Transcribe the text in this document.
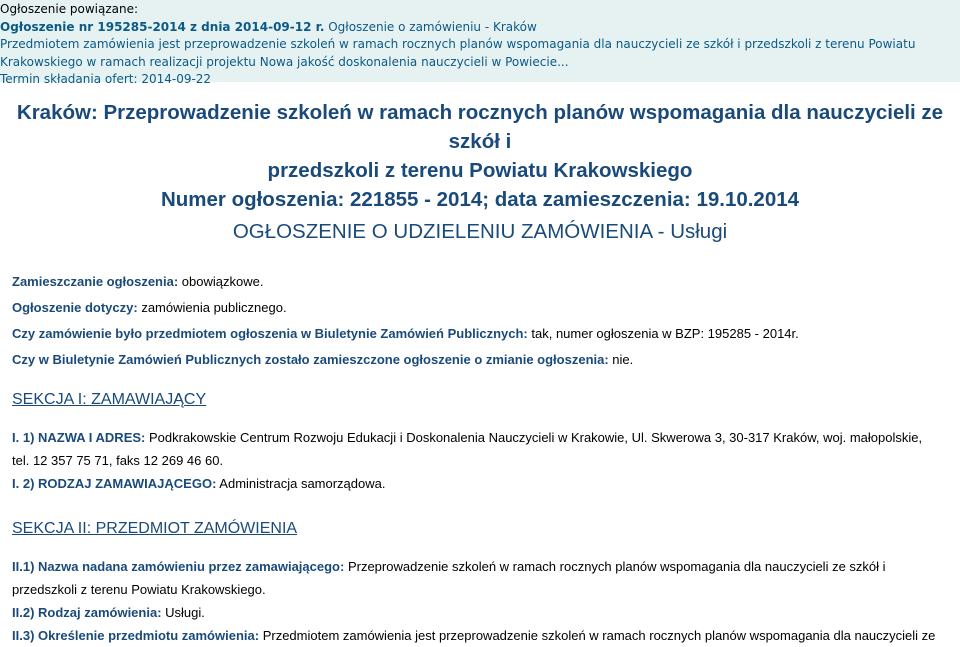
Ogłoszenie powiązane:
Ogłoszenie nr 195285-2014 z dnia 2014-09-12 r. Ogłoszenie o zamówieniu - Kraków
Przedmiotem zamówienia jest przeprowadzenie szkoleń w ramach rocznych planów wspomagania dla nauczycieli ze szkół i przedszkoli z terenu Powiatu Krakowskiego w ramach realizacji projektu Nowa jakość doskonalenia nauczycieli w Powiecie...
Termin składania ofert: 2014-09-22
Kraków: Przeprowadzenie szkoleń w ramach rocznych planów wspomagania dla nauczycieli ze szkół i
przedszkoli z terenu Powiatu Krakowskiego
Numer ogłoszenia: 221855 - 2014; data zamieszczenia: 19.10.2014
OGŁOSZENIE O UDZIELENIU ZAMÓWIENIA - Usługi

Zamieszczanie ogłoszenia: obowiązkowe.

Ogłoszenie dotyczy: zamówienia publicznego.

Czy zamówienie było przedmiotem ogłoszenia w Biuletynie Zamówień Publicznych: tak, numer ogłoszenia w BZP: 195285 - 2014r.

Czy w Biuletynie Zamówień Publicznych zostało zamieszczone ogłoszenie o zmianie ogłoszenia: nie.

SEKCJA I: ZAMAWIAJĄCY

I. 1) NAZWA I ADRES: Podkrakowskie Centrum Rozwoju Edukacji i Doskonalenia Nauczycieli w Krakowie, Ul. Skwerowa 3, 30-317 Kraków, woj. małopolskie,

tel. 12 357 75 71, faks 12 269 46 60.

I. 2) RODZAJ ZAMAWIAJĄCEGO: Administracja samorządowa.

SEKCJA II: PRZEDMIOT ZAMÓWIENIA

II.1) Nazwa nadana zamówieniu przez zamawiającego: Przeprowadzenie szkoleń w ramach rocznych planów wspomagania dla nauczycieli ze szkół i

przedszkoli z terenu Powiatu Krakowskiego.

II.2) Rodzaj zamówienia: Usługi.

II.3) Określenie przedmiotu zamówienia: Przedmiotem zamówienia jest przeprowadzenie szkoleń w ramach rocznych planów wspomagania dla nauczycieli ze
